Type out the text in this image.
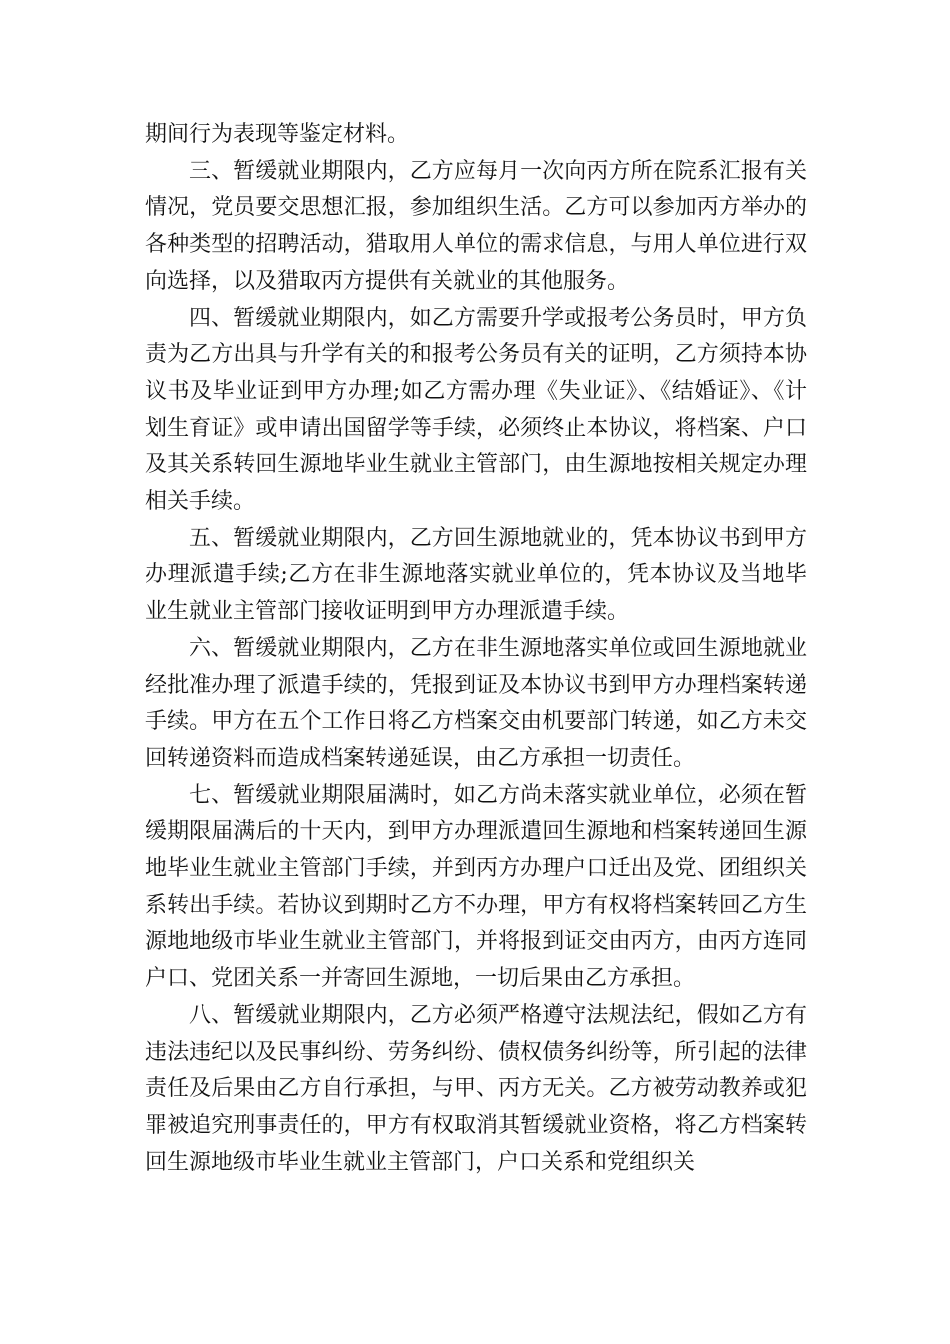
期间行为表现等鉴定材料。

三、暂缓就业期限内，乙方应每月一次向丙方所在院系汇报有关情况，党员要交思想汇报，参加组织生活。乙方可以参加丙方举办的各种类型的招聘活动，猎取用人单位的需求信息，与用人单位进行双向选择，以及猎取丙方提供有关就业的其他服务。

四、暂缓就业期限内，如乙方需要升学或报考公务员时，甲方负责为乙方出具与升学有关的和报考公务员有关的证明，乙方须持本协议书及毕业证到甲方办理;如乙方需办理《失业证》、《结婚证》、《计划生育证》或申请出国留学等手续，必须终止本协议，将档案、户口及其关系转回生源地毕业生就业主管部门，由生源地按相关规定办理相关手续。

五、暂缓就业期限内，乙方回生源地就业的，凭本协议书到甲方办理派遣手续;乙方在非生源地落实就业单位的，凭本协议及当地毕业生就业主管部门接收证明到甲方办理派遣手续。

六、暂缓就业期限内，乙方在非生源地落实单位或回生源地就业经批准办理了派遣手续的，凭报到证及本协议书到甲方办理档案转递手续。甲方在五个工作日将乙方档案交由机要部门转递，如乙方未交回转递资料而造成档案转递延误，由乙方承担一切责任。

七、暂缓就业期限届满时，如乙方尚未落实就业单位，必须在暂缓期限届满后的十天内，到甲方办理派遣回生源地和档案转递回生源地毕业生就业主管部门手续，并到丙方办理户口迁出及党、团组织关系转出手续。若协议到期时乙方不办理，甲方有权将档案转回乙方生源地地级市毕业生就业主管部门，并将报到证交由丙方，由丙方连同户口、党团关系一并寄回生源地，一切后果由乙方承担。

八、暂缓就业期限内，乙方必须严格遵守法规法纪，假如乙方有违法违纪以及民事纠纷、劳务纠纷、债权债务纠纷等，所引起的法律责任及后果由乙方自行承担，与甲、丙方无关。乙方被劳动教养或犯罪被追究刑事责任的，甲方有权取消其暂缓就业资格，将乙方档案转回生源地级市毕业生就业主管部门，户口关系和党组织关
